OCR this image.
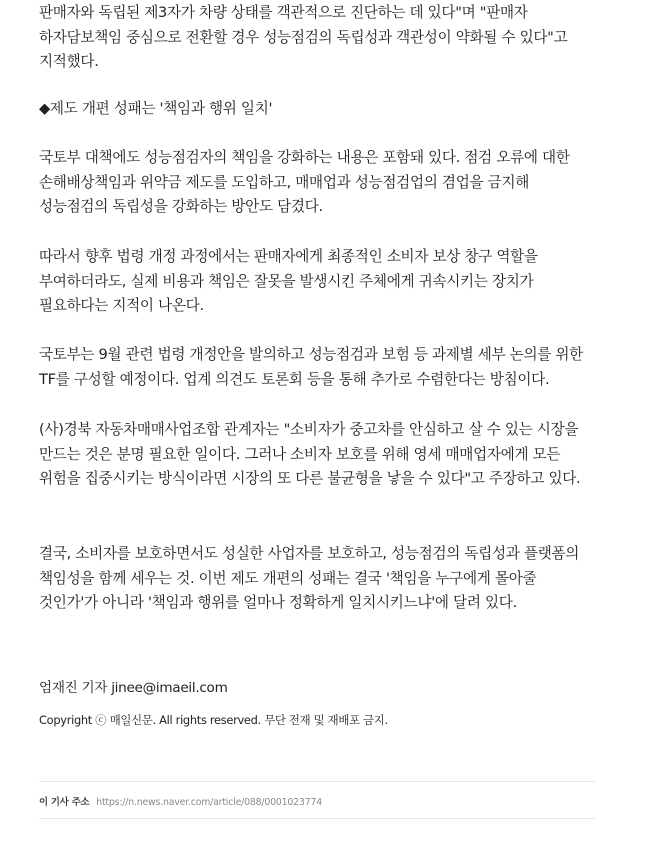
판매자와 독립된 제3자가 차량 상태를 객관적으로 진단하는 데 있다"며 "판매자 하자담보책임 중심으로 전환할 경우 성능점검의 독립성과 객관성이 약화될 수 있다"고 지적했다.

◆제도 개편 성패는 '책임과 행위 일치'

국토부 대책에도 성능점검자의 책임을 강화하는 내용은 포함돼 있다. 점검 오류에 대한 손해배상책임과 위약금 제도를 도입하고, 매매업과 성능점검업의 겸업을 금지해 성능점검의 독립성을 강화하는 방안도 담겼다.

따라서 향후 법령 개정 과정에서는 판매자에게 최종적인 소비자 보상 창구 역할을 부여하더라도, 실제 비용과 책임은 잘못을 발생시킨 주체에게 귀속시키는 장치가 필요하다는 지적이 나온다.

국토부는 9월 관련 법령 개정안을 발의하고 성능점검과 보험 등 과제별 세부 논의를 위한 TF를 구성할 예정이다. 업계 의견도 토론회 등을 통해 추가로 수렴한다는 방침이다.

(사)경북 자동차매매사업조합 관계자는 "소비자가 중고차를 안심하고 살 수 있는 시장을 만드는 것은 분명 필요한 일이다. 그러나 소비자 보호를 위해 영세 매매업자에게 모든 위험을 집중시키는 방식이라면 시장의 또 다른 불균형을 낳을 수 있다"고 주장하고 있다.

결국, 소비자를 보호하면서도 성실한 사업자를 보호하고, 성능점검의 독립성과 플랫폼의 책임성을 함께 세우는 것. 이번 제도 개편의 성패는 결국 '책임을 누구에게 몰아줄 것인가'가 아니라 '책임과 행위를 얼마나 정확하게 일치시키느냐'에 달려 있다.

엄재진 기자 jinee@imaeil.com
Copyright ⓒ 매일신문. All rights reserved. 무단 전재 및 재배포 금지.
이 기사 주소 https://n.news.naver.com/article/088/0001023774
